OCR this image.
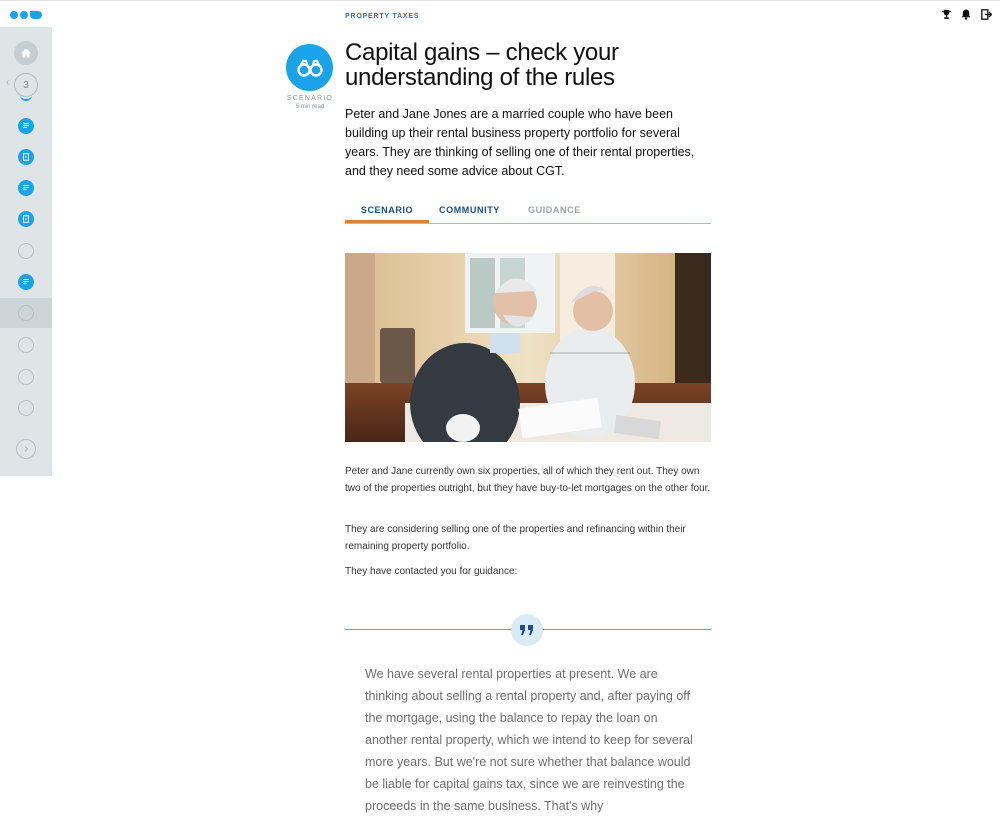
‹ 3
PROPERTY TAXES
SCENARIO
5 min read
Capital gains – check your understanding of the rules

Peter and Jane Jones are a married couple who have been building up their rental business property portfolio for several years. They are thinking of selling one of their rental properties, and they need some advice about CGT.

SCENARIO	COMMUNITY	GUIDANCE

Peter and Jane currently own six properties, all of which they rent out. They own two of the properties outright, but they have buy-to-let mortgages on the other four.

They are considering selling one of the properties and refinancing within their remaining property portfolio.

They have contacted you for guidance:

We have several rental properties at present. We are thinking about selling a rental property and, after paying off the mortgage, using the balance to repay the loan on another rental property, which we intend to keep for several more years. But we're not sure whether that balance would be liable for capital gains tax, since we are reinvesting the proceeds in the same business. That's why
